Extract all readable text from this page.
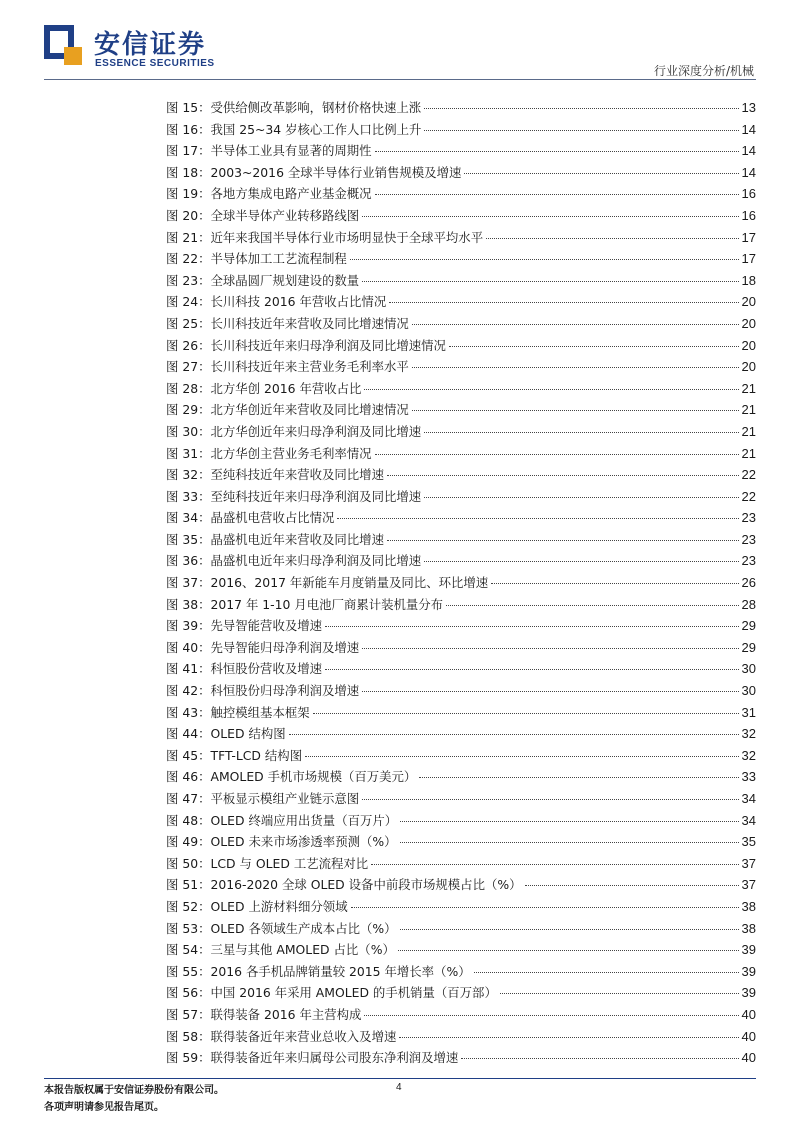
安信证券
ESSENCE SECURITIES
行业深度分析/机械
图 15： 受供给侧改革影响，钢材价格快速上涨	13
图 16： 我国 25~34 岁核心工作人口比例上升	14
图 17： 半导体工业具有显著的周期性	14
图 18： 2003~2016 全球半导体行业销售规模及增速	14
图 19： 各地方集成电路产业基金概况	16
图 20： 全球半导体产业转移路线图	16
图 21： 近年来我国半导体行业市场明显快于全球平均水平	17
图 22： 半导体加工工艺流程制程	17
图 23： 全球晶圆厂规划建设的数量	18
图 24： 长川科技 2016 年营收占比情况	20
图 25： 长川科技近年来营收及同比增速情况	20
图 26： 长川科技近年来归母净利润及同比增速情况	20
图 27： 长川科技近年来主营业务毛利率水平	20
图 28： 北方华创 2016 年营收占比	21
图 29： 北方华创近年来营收及同比增速情况	21
图 30： 北方华创近年来归母净利润及同比增速	21
图 31： 北方华创主营业务毛利率情况	21
图 32： 至纯科技近年来营收及同比增速	22
图 33： 至纯科技近年来归母净利润及同比增速	22
图 34： 晶盛机电营收占比情况	23
图 35： 晶盛机电近年来营收及同比增速	23
图 36： 晶盛机电近年来归母净利润及同比增速	23
图 37： 2016、2017 年新能车月度销量及同比、环比增速	26
图 38： 2017 年 1-10 月电池厂商累计装机量分布	28
图 39： 先导智能营收及增速	29
图 40： 先导智能归母净利润及增速	29
图 41： 科恒股份营收及增速	30
图 42： 科恒股份归母净利润及增速	30
图 43： 触控模组基本框架	31
图 44： OLED 结构图	32
图 45： TFT-LCD 结构图	32
图 46： AMOLED 手机市场规模（百万美元）	33
图 47： 平板显示模组产业链示意图	34
图 48： OLED 终端应用出货量（百万片）	34
图 49： OLED 未来市场渗透率预测（%）	35
图 50： LCD 与 OLED 工艺流程对比	37
图 51： 2016-2020 全球 OLED 设备中前段市场规模占比（%）	37
图 52： OLED 上游材料细分领域	38
图 53： OLED 各领域生产成本占比（%）	38
图 54： 三星与其他 AMOLED 占比（%）	39
图 55： 2016 各手机品牌销量较 2015 年增长率（%）	39
图 56： 中国 2016 年采用 AMOLED 的手机销量（百万部）	39
图 57： 联得装备 2016 年主营构成	40
图 58： 联得装备近年来营业总收入及增速	40
图 59： 联得装备近年来归属母公司股东净利润及增速	40
本报告版权属于安信证券股份有限公司。
各项声明请参见报告尾页。
4
